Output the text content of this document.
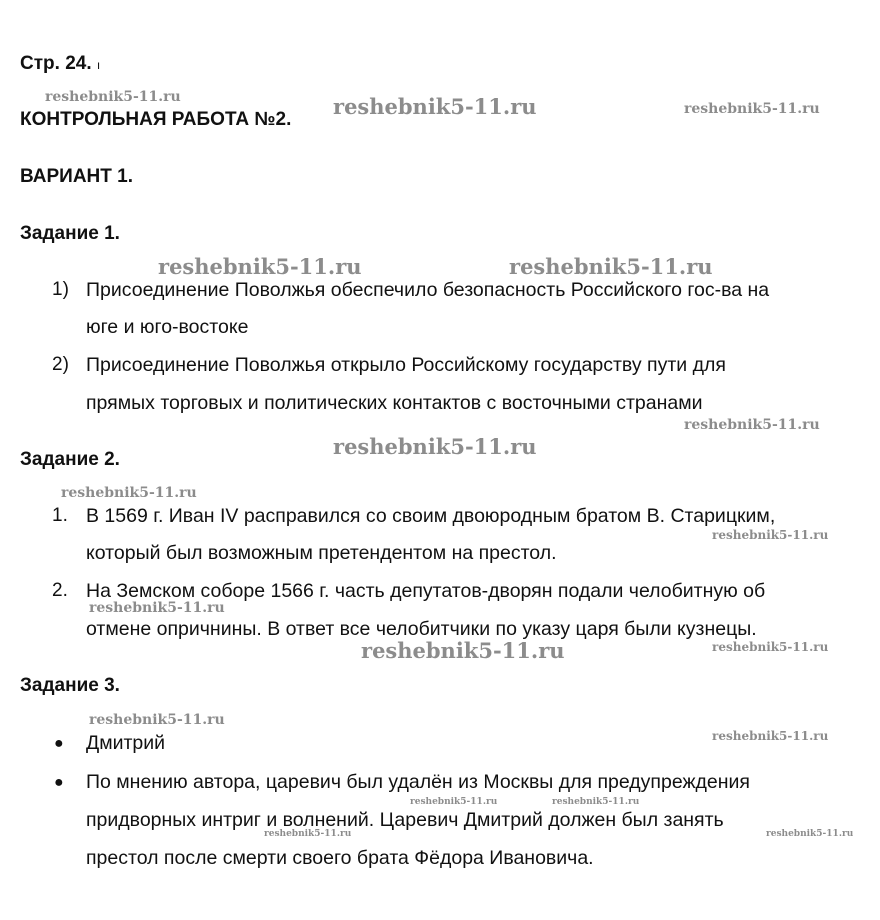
Стр. 24. ı
КОНТРОЛЬНАЯ РАБОТА №2.
ВАРИАНТ 1.
Задание 1.
1) Присоединение Поволжья обеспечило безопасность Российского гос-ва на
юге и юго-востоке
2) Присоединение Поволжья открыло Российскому государству пути для
прямых торговых и политических контактов с восточными странами
Задание 2.
1. В 1569 г. Иван IV расправился со своим двоюродным братом В. Старицким,
который был возможным претендентом на престол.
2. На Земском соборе 1566 г. часть депутатов-дворян подали челобитную об
отмене опричнины. В ответ все челобитчики по указу царя были кузнецы.
Задание 3.
● Дмитрий
● По мнению автора, царевич был удалён из Москвы для предупреждения
придворных интриг и волнений. Царевич Дмитрий должен был занять
престол после смерти своего брата Фёдора Ивановича.
reshebnik5-11.ru	reshebnik5-11.ru	reshebnik5-11.ru
reshebnik5-11.ru	reshebnik5-11.ru
reshebnik5-11.ru
reshebnik5-11.ru
reshebnik5-11.ru
reshebnik5-11.ru
reshebnik5-11.ru
reshebnik5-11.ru
reshebnik5-11.ru
reshebnik5-11.ru
reshebnik5-11.ru
reshebnik5-11.ru	reshebnik5-11.ru
reshebnik5-11.ru	reshebnik5-11.ru
